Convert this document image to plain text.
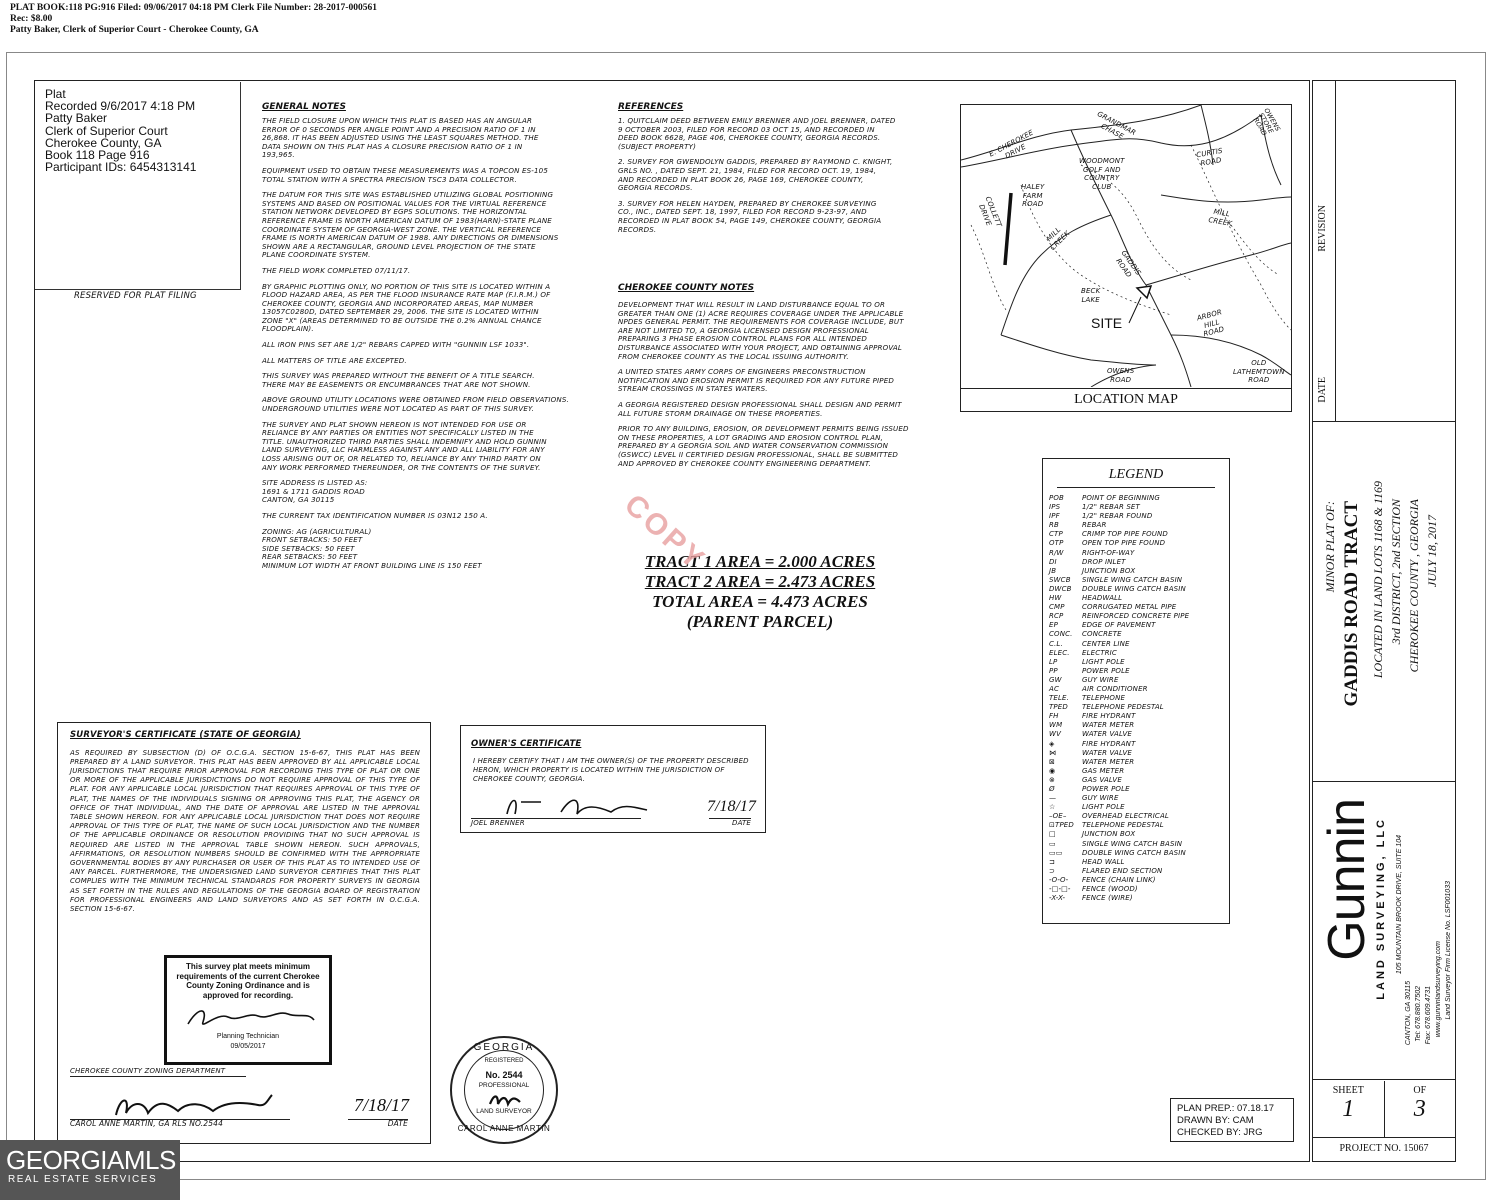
PLAT BOOK:118 PG:916 Filed: 09/06/2017 04:18 PM Clerk File Number: 28-2017-000561
Rec: $8.00
Patty Baker, Clerk of Superior Court - Cherokee County, GA
Plat
Recorded 9/6/2017 4:18 PM
Patty Baker
Clerk of Superior Court
Cherokee County, GA
Book 118 Page 916
Participant IDs: 6454313141
RESERVED FOR PLAT FILING
GENERAL NOTES
THE FIELD CLOSURE UPON WHICH THIS PLAT IS BASED HAS AN ANGULAR
ERROR OF 0 SECONDS PER ANGLE POINT AND A PRECISION RATIO OF 1 IN
26,868. IT HAS BEEN ADJUSTED USING THE LEAST SQUARES METHOD. THE
DATA SHOWN ON THIS PLAT HAS A CLOSURE PRECISION RATIO OF 1 IN
193,965.
EQUIPMENT USED TO OBTAIN THESE MEASUREMENTS WAS A TOPCON ES-105
TOTAL STATION WITH A SPECTRA PRECISION TSC3 DATA COLLECTOR.
THE DATUM FOR THIS SITE WAS ESTABLISHED UTILIZING GLOBAL POSITIONING
SYSTEMS AND BASED ON POSITIONAL VALUES FOR THE VIRTUAL REFERENCE
STATION NETWORK DEVELOPED BY EGPS SOLUTIONS. THE HORIZONTAL
REFERENCE FRAME IS NORTH AMERICAN DATUM OF 1983(HARN)-STATE PLANE
COORDINATE SYSTEM OF GEORGIA-WEST ZONE. THE VERTICAL REFERENCE
FRAME IS NORTH AMERICAN DATUM OF 1988. ANY DIRECTIONS OR DIMENSIONS
SHOWN ARE A RECTANGULAR, GROUND LEVEL PROJECTION OF THE STATE
PLANE COORDINATE SYSTEM.
THE FIELD WORK COMPLETED 07/11/17.
BY GRAPHIC PLOTTING ONLY, NO PORTION OF THIS SITE IS LOCATED WITHIN A
FLOOD HAZARD AREA, AS PER THE FLOOD INSURANCE RATE MAP (F.I.R.M.) OF
CHEROKEE COUNTY, GEORGIA AND INCORPORATED AREAS, MAP NUMBER
13057C0280D, DATED SEPTEMBER 29, 2006. THE SITE IS LOCATED WITHIN
ZONE "X" (AREAS DETERMINED TO BE OUTSIDE THE 0.2% ANNUAL CHANCE
FLOODPLAIN).
ALL IRON PINS SET ARE 1/2" REBARS CAPPED WITH "GUNNIN LSF 1033".
ALL MATTERS OF TITLE ARE EXCEPTED.
THIS SURVEY WAS PREPARED WITHOUT THE BENEFIT OF A TITLE SEARCH.
THERE MAY BE EASEMENTS OR ENCUMBRANCES THAT ARE NOT SHOWN.
ABOVE GROUND UTILITY LOCATIONS WERE OBTAINED FROM FIELD OBSERVATIONS.
UNDERGROUND UTILITIES WERE NOT LOCATED AS PART OF THIS SURVEY.
THE SURVEY AND PLAT SHOWN HEREON IS NOT INTENDED FOR USE OR
RELIANCE BY ANY PARTIES OR ENTITIES NOT SPECIFICALLY LISTED IN THE
TITLE. UNAUTHORIZED THIRD PARTIES SHALL INDEMNIFY AND HOLD GUNNIN
LAND SURVEYING, LLC HARMLESS AGAINST ANY AND ALL LIABILITY FOR ANY
LOSS ARISING OUT OF, OR RELATED TO, RELIANCE BY ANY THIRD PARTY ON
ANY WORK PERFORMED THEREUNDER, OR THE CONTENTS OF THE SURVEY.
SITE ADDRESS IS LISTED AS:
1691 & 1711 GADDIS ROAD
CANTON, GA 30115
THE CURRENT TAX IDENTIFICATION NUMBER IS 03N12 150 A.
ZONING: AG (AGRICULTURAL)
FRONT SETBACKS: 50 FEET
SIDE SETBACKS: 50 FEET
REAR SETBACKS: 50 FEET
MINIMUM LOT WIDTH AT FRONT BUILDING LINE IS 150 FEET
REFERENCES
1. QUITCLAIM DEED BETWEEN EMILY BRENNER AND JOEL BRENNER, DATED
9 OCTOBER 2003, FILED FOR RECORD 03 OCT 15, AND RECORDED IN
DEED BOOK 6628, PAGE 406, CHEROKEE COUNTY, GEORGIA RECORDS.
(SUBJECT PROPERTY)
2. SURVEY FOR GWENDOLYN GADDIS, PREPARED BY RAYMOND C. KNIGHT,
GRLS NO. , DATED SEPT. 21, 1984, FILED FOR RECORD OCT. 19, 1984,
AND RECORDED IN PLAT BOOK 26, PAGE 169, CHEROKEE COUNTY,
GEORGIA RECORDS.
3. SURVEY FOR HELEN HAYDEN, PREPARED BY CHEROKEE SURVEYING
CO., INC., DATED SEPT. 18, 1997, FILED FOR RECORD 9-23-97, AND
RECORDED IN PLAT BOOK 54, PAGE 149, CHEROKEE COUNTY, GEORGIA
RECORDS.
CHEROKEE COUNTY NOTES
DEVELOPMENT THAT WILL RESULT IN LAND DISTURBANCE EQUAL TO OR
GREATER THAN ONE (1) ACRE REQUIRES COVERAGE UNDER THE APPLICABLE
NPDES GENERAL PERMIT. THE REQUIREMENTS FOR COVERAGE INCLUDE, BUT
ARE NOT LIMITED TO, A GEORGIA LICENSED DESIGN PROFESSIONAL
PREPARING 3 PHASE EROSION CONTROL PLANS FOR ALL INTENDED
DISTURBANCE ASSOCIATED WITH YOUR PROJECT, AND OBTAINING APPROVAL
FROM CHEROKEE COUNTY AS THE LOCAL ISSUING AUTHORITY.
A UNITED STATES ARMY CORPS OF ENGINEERS PRECONSTRUCTION
NOTIFICATION AND EROSION PERMIT IS REQUIRED FOR ANY FUTURE PIPED
STREAM CROSSINGS IN STATES WATERS.
A GEORGIA REGISTERED DESIGN PROFESSIONAL SHALL DESIGN AND PERMIT
ALL FUTURE STORM DRAINAGE ON THESE PROPERTIES.
PRIOR TO ANY BUILDING, EROSION, OR DEVELOPMENT PERMITS BEING ISSUED
ON THESE PROPERTIES, A LOT GRADING AND EROSION CONTROL PLAN,
PREPARED BY A GEORGIA SOIL AND WATER CONSERVATION COMMISSION
(GSWCC) LEVEL II CERTIFIED DESIGN PROFESSIONAL, SHALL BE SUBMITTED
AND APPROVED BY CHEROKEE COUNTY ENGINEERING DEPARTMENT.
E. CHEROKEE
DRIVE
GRANDMAR
CHASE	OWENS
STORE
ROAD
CURTIS
ROAD
WOODMONT
GOLF AND
COUNTRY
CLUB
HALEY
FARM
ROAD
COLLETT
DRIVE
MILL
CREEK
MILL
CREEK
GADDIS
ROAD
BECK
LAKE
SITE	ARBOR
HILL
ROAD
OWENS
ROAD
OLD
LATHEMTOWN
ROAD
LOCATION MAP
LEGEND
POB	POINT OF BEGINNING
IPS	1/2" REBAR SET
IPF	1/2" REBAR FOUND
RB	REBAR
CTP	CRIMP TOP PIPE FOUND
OTP	OPEN TOP PIPE FOUND
R/W	RIGHT-OF-WAY
DI	DROP INLET
JB	JUNCTION BOX
SWCB	SINGLE WING CATCH BASIN
DWCB	DOUBLE WING CATCH BASIN
HW	HEADWALL
CMP	CORRUGATED METAL PIPE
RCP	REINFORCED CONCRETE PIPE
EP	EDGE OF PAVEMENT
CONC.	CONCRETE
C.L.	CENTER LINE
ELEC.	ELECTRIC
LP	LIGHT POLE
PP	POWER POLE
GW	GUY WIRE
AC	AIR CONDITIONER
TELE.	TELEPHONE
TPED	TELEPHONE PEDESTAL
FH	FIRE HYDRANT
WM	WATER METER
WV	WATER VALVE
◈	FIRE HYDRANT
⋈	WATER VALVE
⊠	WATER METER
◉	GAS METER
⊗	GAS VALVE
Ø	POWER POLE
—	GUY WIRE
☆	LIGHT POLE
–OE–	OVERHEAD ELECTRICAL
⊡TPED	TELEPHONE PEDESTAL
□	JUNCTION BOX
▭	SINGLE WING CATCH BASIN
▭▭	DOUBLE WING CATCH BASIN
⊐	HEAD WALL
⊃	FLARED END SECTION
-O-O-	FENCE (CHAIN LINK)
-□-□-	FENCE (WOOD)
-X-X-	FENCE (WIRE)
TRACT 1 AREA = 2.000 ACRES
TRACT 2 AREA = 2.473 ACRES
TOTAL AREA = 4.473 ACRES
(PARENT PARCEL)
COPY
SURVEYOR'S CERTIFICATE (STATE OF GEORGIA)
AS REQUIRED BY SUBSECTION (D) OF O.C.G.A. SECTION 15-6-67, THIS PLAT HAS BEEN PREPARED BY A LAND SURVEYOR. THIS PLAT HAS BEEN APPROVED BY ALL APPLICABLE LOCAL JURISDICTIONS THAT REQUIRE PRIOR APPROVAL FOR RECORDING THIS TYPE OF PLAT OR ONE OR MORE OF THE APPLICABLE JURISDICTIONS DO NOT REQUIRE APPROVAL OF THIS TYPE OF PLAT. FOR ANY APPLICABLE LOCAL JURISDICTION THAT REQUIRES APPROVAL OF THIS TYPE OF PLAT, THE NAMES OF THE INDIVIDUALS SIGNING OR APPROVING THIS PLAT, THE AGENCY OR OFFICE OF THAT INDIVIDUAL, AND THE DATE OF APPROVAL ARE LISTED IN THE APPROVAL TABLE SHOWN HEREON. FOR ANY APPLICABLE LOCAL JURISDICTION THAT DOES NOT REQUIRE APPROVAL OF THIS TYPE OF PLAT, THE NAME OF SUCH LOCAL JURISDICTION AND THE NUMBER OF THE APPLICABLE ORDINANCE OR RESOLUTION PROVIDING THAT NO SUCH APPROVAL IS REQUIRED ARE LISTED IN THE APPROVAL TABLE SHOWN HEREON. SUCH APPROVALS, AFFIRMATIONS, OR RESOLUTION NUMBERS SHOULD BE CONFIRMED WITH THE APPROPRIATE GOVERNMENTAL BODIES BY ANY PURCHASER OR USER OF THIS PLAT AS TO INTENDED USE OF ANY PARCEL. FURTHERMORE, THE UNDERSIGNED LAND SURVEYOR CERTIFIES THAT THIS PLAT COMPLIES WITH THE MINIMUM TECHNICAL STANDARDS FOR PROPERTY SURVEYS IN GEORGIA AS SET FORTH IN THE RULES AND REGULATIONS OF THE GEORGIA BOARD OF REGISTRATION FOR PROFESSIONAL ENGINEERS AND LAND SURVEYORS AND AS SET FORTH IN O.C.G.A. SECTION 15-6-67.
This survey plat meets minimum requirements of the current Cherokee County Zoning Ordinance and is approved for recording.
Planning Technician
09/05/2017
CHEROKEE COUNTY ZONING DEPARTMENT
7/18/17
CAROL ANNE MARTIN, GA RLS NO.2544	DATE
GEORGIA
REGISTERED
No. 2544
PROFESSIONAL
LAND SURVEYOR
CAROL ANNE MARTIN
OWNER'S CERTIFICATE
I HEREBY CERTIFY THAT I AM THE OWNER(S) OF THE PROPERTY DESCRIBED HERON, WHICH PROPERTY IS LOCATED WITHIN THE JURISDICTION OF CHEROKEE COUNTY, GEORGIA.
7/18/17
JOEL BRENNER	DATE
PLAN PREP.: 07.18.17
DRAWN BY: CAM
CHECKED BY: JRG
REVISION
DATE
MINOR PLAT OF: GADDIS ROAD TRACT LOCATED IN LAND LOTS 1168 & 1169 3rd DISTRICT, 2nd SECTION CHEROKEE COUNTY , GEORGIA JULY 18, 2017
Gunnin LAND SURVEYING, LLC 105 MOUNTAIN BROOK DRIVE, SUITE 104
CANTON, GA 30115 Tel: 678.880.7502 Fax: 678.609.4731 www.gunninlandsurveying.com Land Surveyor Firm License No. LSF001033
SHEET
1
OF
3
PROJECT NO. 15067
GEORGIAMLS
REAL ESTATE SERVICES
